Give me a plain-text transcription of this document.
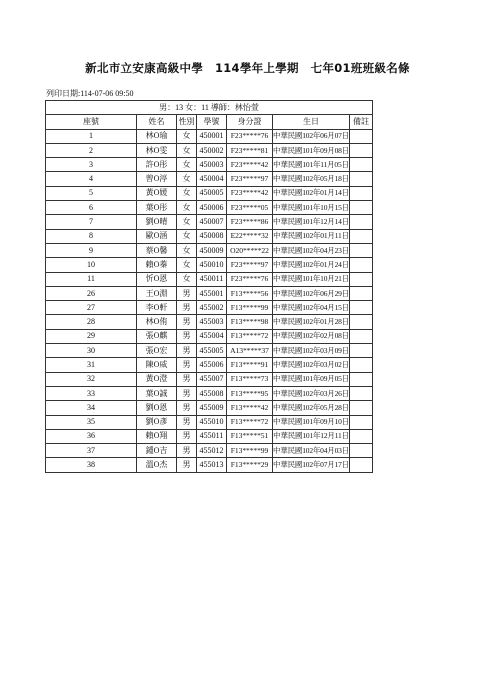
新北市立安康高級中學　114學年上學期　七年01班班級名條
列印日期:114-07-06 09:50
男：13 女：11 導師：林怡萱						
座號	姓名	性別	學號	身分證	生日	備註
1	林O瑜	女	450001	F23*****76	中華民國102年06月07日	
2	林O雯	女	450002	F23*****81	中華民國101年09月08日	
3	許O彤	女	450003	F23*****42	中華民國101年11月05日	
4	曾O渟	女	450004	F23*****97	中華民國102年05月18日	
5	黃O媛	女	450005	F23*****42	中華民國102年01月14日	
6	葉O彤	女	450006	F23*****05	中華民國101年10月15日	
7	劉O晴	女	450007	F23*****86	中華民國101年12月14日	
8	歐O涵	女	450008	E22*****32	中華民國102年01月11日	
9	蔡O馨	女	450009	O20*****22	中華民國102年04月23日	
10	賴O蓁	女	450010	F23*****97	中華民國102年01月24日	
11	忻O恩	女	450011	F23*****76	中華民國101年10月21日	
26	王O淵	男	455001	F13*****56	中華民國102年06月29日	
27	李O軒	男	455002	F13*****99	中華民國102年04月15日	
28	林O侑	男	455003	F13*****98	中華民國102年01月28日	
29	張O麒	男	455004	F13*****72	中華民國102年02月08日	
30	張O宏	男	455005	A13*****37	中華民國102年03月09日	
31	陳O威	男	455006	F13*****91	中華民國102年03月02日	
32	黃O澄	男	455007	F13*****73	中華民國101年09月05日	
33	葉O誠	男	455008	F13*****95	中華民國102年03月26日	
34	劉O恩	男	455009	F13*****42	中華民國102年05月28日	
35	劉O彥	男	455010	F13*****72	中華民國101年09月10日	
36	賴O翔	男	455011	F13*****51	中華民國101年12月11日	
37	鍾O吉	男	455012	F13*****99	中華民國102年04月03日	
38	溫O杰	男	455013	F13*****29	中華民國102年07月17日	
